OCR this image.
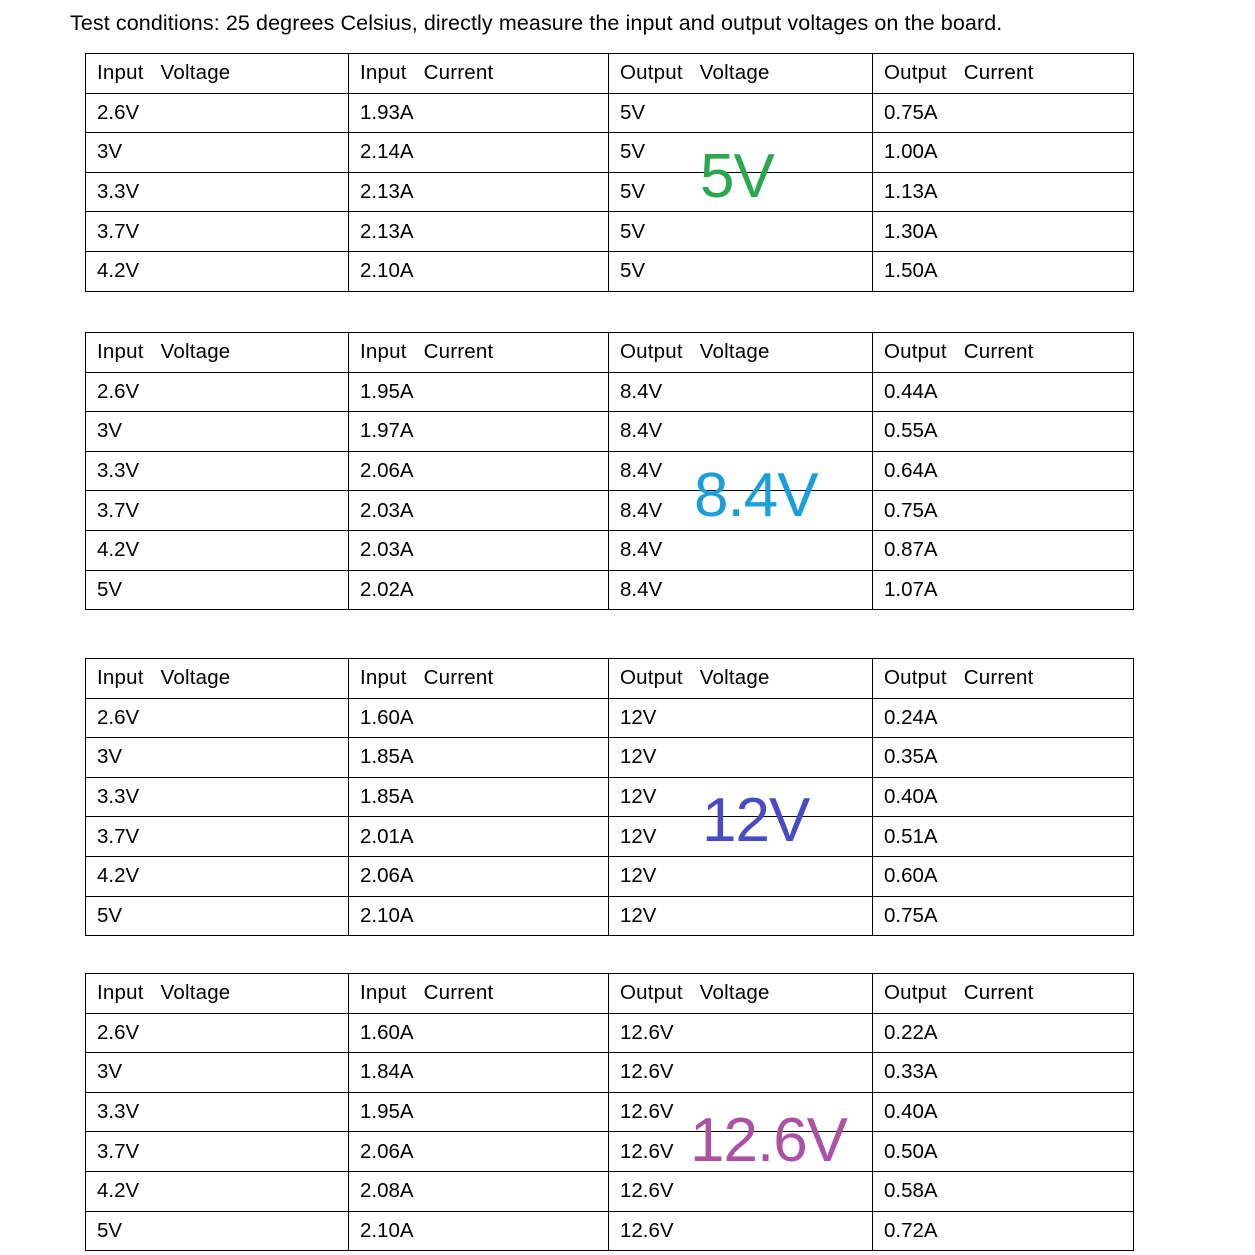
Test conditions: 25 degrees Celsius, directly measure the input and output voltages on the board.
Input Voltage	Input Current	Output Voltage	Output Current
2.6V	1.93A	5V	0.75A
3V	2.14A	5V	1.00A
3.3V	2.13A	5V	1.13A
3.7V	2.13A	5V	1.30A
4.2V	2.10A	5V	1.50A
Input Voltage	Input Current	Output Voltage	Output Current
2.6V	1.95A	8.4V	0.44A
3V	1.97A	8.4V	0.55A
3.3V	2.06A	8.4V	0.64A
3.7V	2.03A	8.4V	0.75A
4.2V	2.03A	8.4V	0.87A
5V	2.02A	8.4V	1.07A
Input Voltage	Input Current	Output Voltage	Output Current
2.6V	1.60A	12V	0.24A
3V	1.85A	12V	0.35A
3.3V	1.85A	12V	0.40A
3.7V	2.01A	12V	0.51A
4.2V	2.06A	12V	0.60A
5V	2.10A	12V	0.75A
Input Voltage	Input Current	Output Voltage	Output Current
2.6V	1.60A	12.6V	0.22A
3V	1.84A	12.6V	0.33A
3.3V	1.95A	12.6V	0.40A
3.7V	2.06A	12.6V	0.50A
4.2V	2.08A	12.6V	0.58A
5V	2.10A	12.6V	0.72A
5V
8.4V
12V
12.6V
